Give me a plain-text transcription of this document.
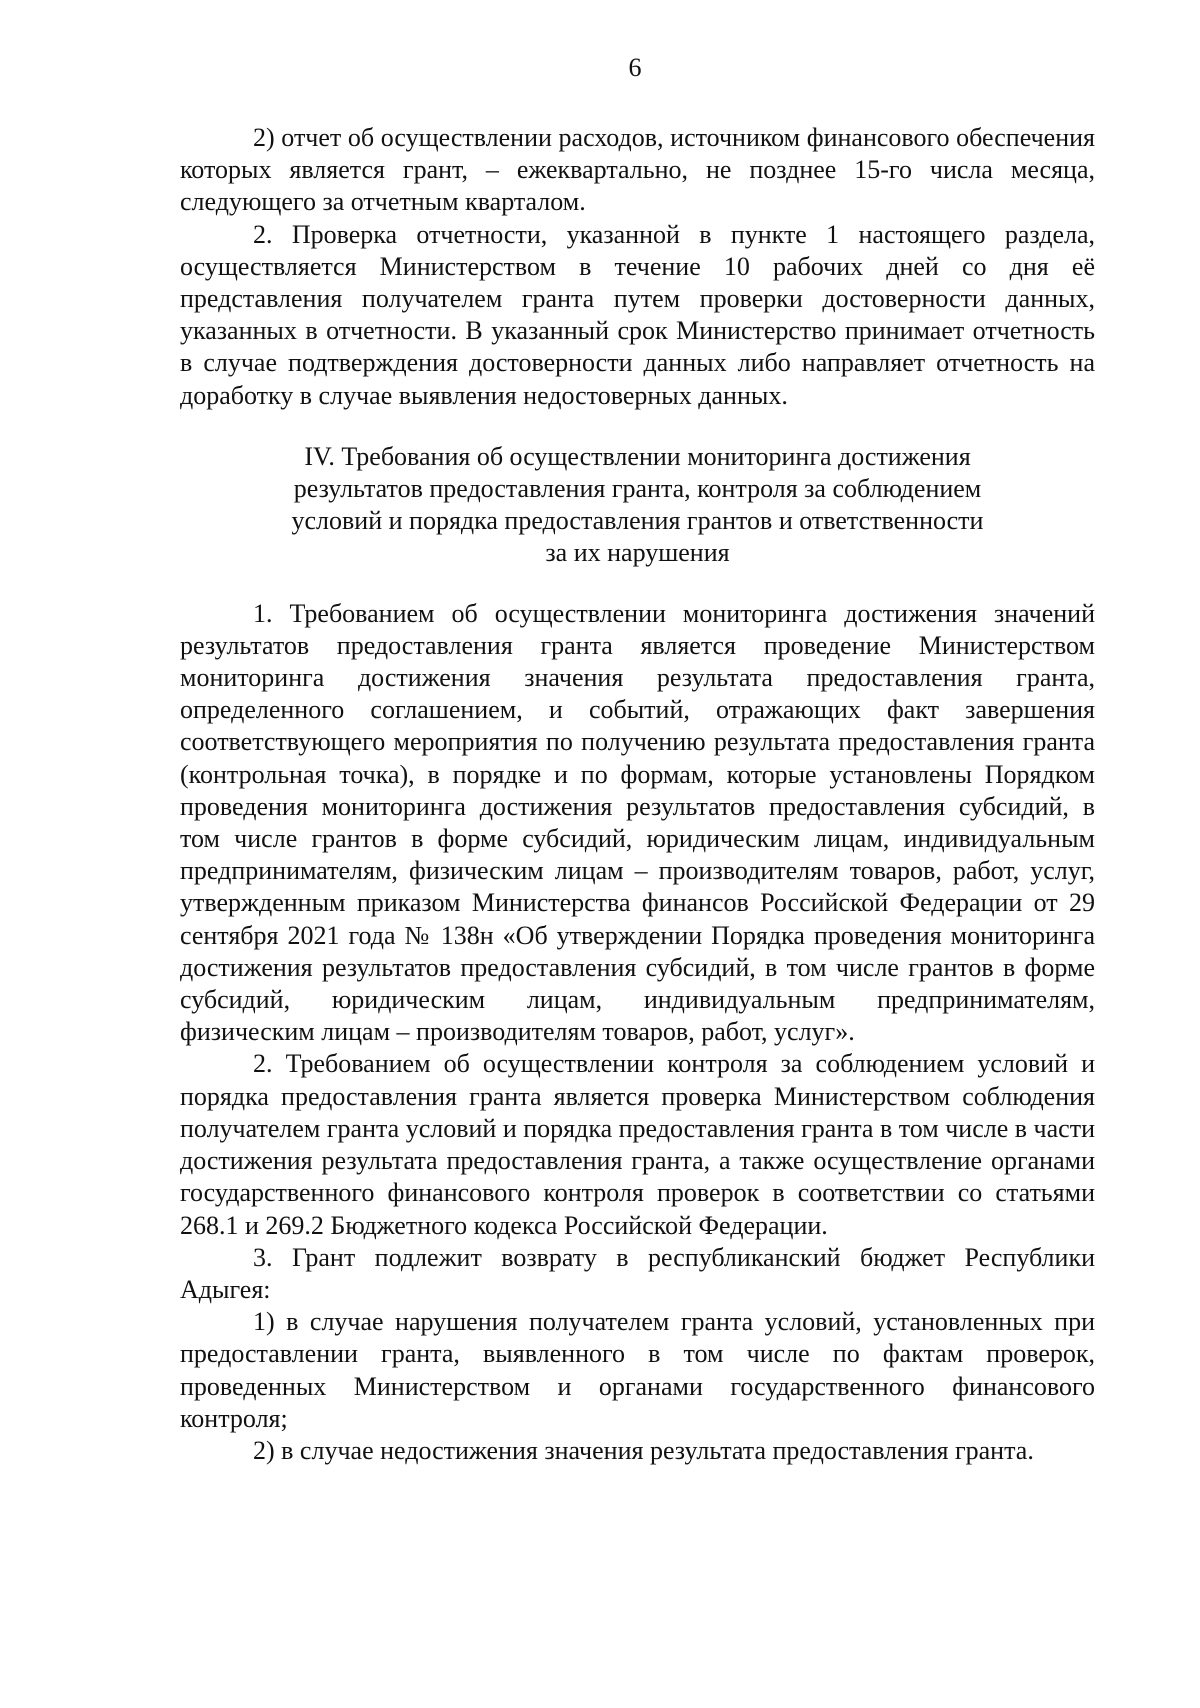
6

2) отчет об осуществлении расходов, источником финансового обеспечения которых является грант, – ежеквартально, не позднее 15-го числа месяца, следующего за отчетным кварталом.

2. Проверка отчетности, указанной в пункте 1 настоящего раздела, осуществляется Министерством в течение 10 рабочих дней со дня её представления получателем гранта путем проверки достоверности данных, указанных в отчетности. В указанный срок Министерство принимает отчетность в случае подтверждения достоверности данных либо направляет отчетность на доработку в случае выявления недостоверных данных.

IV. Требования об осуществлении мониторинга достижения
результатов предоставления гранта, контроля за соблюдением
условий и порядка предоставления грантов и ответственности
за их нарушения

1. Требованием об осуществлении мониторинга достижения значений результатов предоставления гранта является проведение Министерством мониторинга достижения значения результата предоставления гранта, определенного соглашением, и событий, отражающих факт завершения соответствующего мероприятия по получению результата предоставления гранта (контрольная точка), в порядке и по формам, которые установлены Порядком проведения мониторинга достижения результатов предоставления субсидий, в том числе грантов в форме субсидий, юридическим лицам, индивидуальным предпринимателям, физическим лицам – производителям товаров, работ, услуг, утвержденным приказом Министерства финансов Российской Федерации от 29 сентября 2021 года № 138н «Об утверждении Порядка проведения мониторинга достижения результатов предоставления субсидий, в том числе грантов в форме субсидий, юридическим лицам, индивидуальным предпринимателям, физическим лицам – производителям товаров, работ, услуг».

2. Требованием об осуществлении контроля за соблюдением условий и порядка предоставления гранта является проверка Министерством соблюдения получателем гранта условий и порядка предоставления гранта в том числе в части достижения результата предоставления гранта, а также осуществление органами государственного финансового контроля проверок в соответствии со статьями 268.1 и 269.2 Бюджетного кодекса Российской Федерации.

3. Грант подлежит возврату в республиканский бюджет Республики Адыгея:

1) в случае нарушения получателем гранта условий, установленных при предоставлении гранта, выявленного в том числе по фактам проверок, проведенных Министерством и органами государственного финансового контроля;

2) в случае недостижения значения результата предоставления гранта.
